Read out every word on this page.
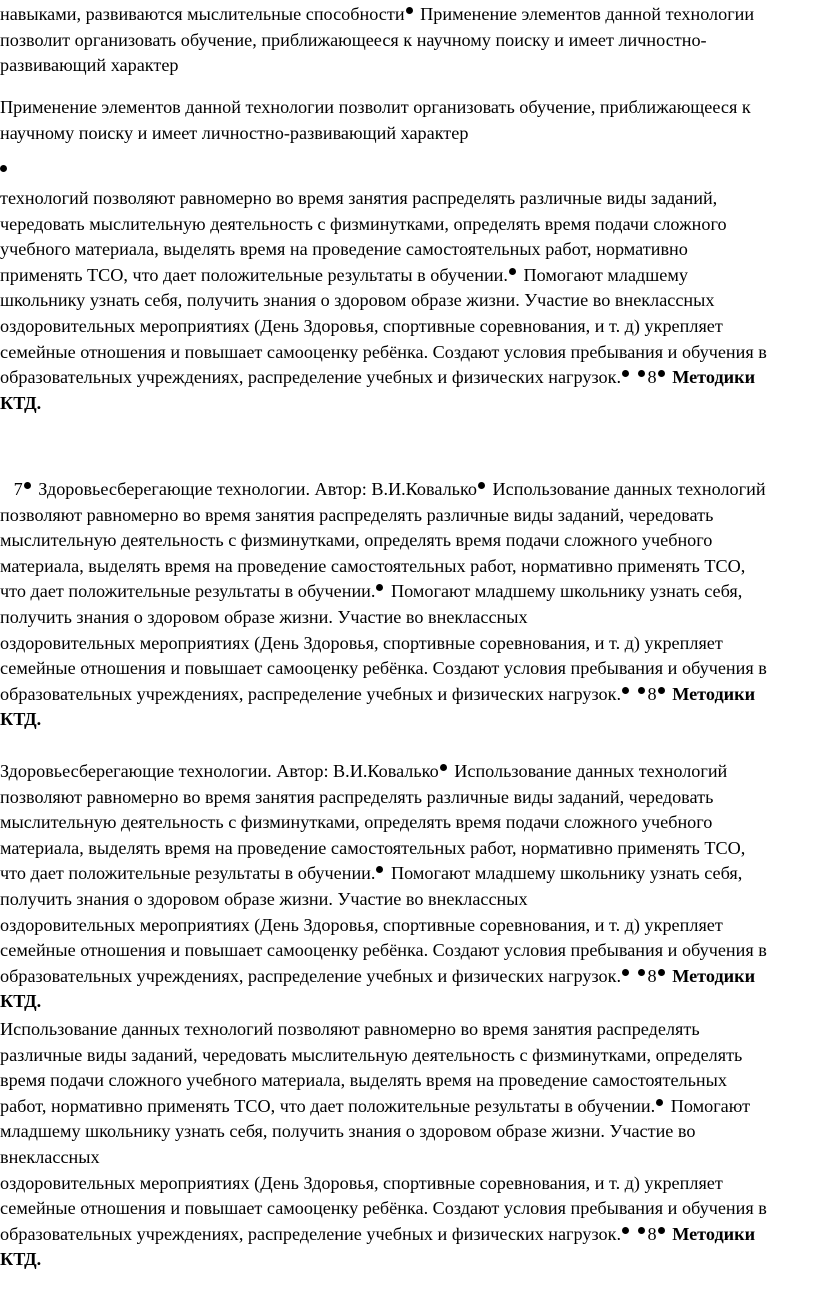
навыками, развиваются мыслительные способности Применение элементов данной технологии
позволит организовать обучение, приближающееся к научному поиску и имеет личностно-
развивающий характер

Применение элементов данной технологии позволит организовать обучение, приближающееся к
научному поиску и имеет личностно-развивающий характер

технологий позволяют равномерно во время занятия распределять различные виды заданий,
чередовать мыслительную деятельность с физминутками, определять время подачи сложного
учебного материала, выделять время на проведение самостоятельных работ, нормативно
применять ТСО, что дает положительные результаты в обучении. Помогают младшему
школьнику узнать себя, получить знания о здоровом образе жизни. Участие во внеклассных
оздоровительных мероприятиях (День Здоровья, спортивные соревнования, и т. д) укрепляет
семейные отношения и повышает самооценку ребёнка. Создают условия пребывания и обучения в
образовательных учреждениях, распределение учебных и физических нагрузок. 8 Методики
КТД.

7 Здоровьесберегающие технологии. Автор: В.И.Ковалько Использование данных технологий
позволяют равномерно во время занятия распределять различные виды заданий, чередовать
мыслительную деятельность с физминутками, определять время подачи сложного учебного
материала, выделять время на проведение самостоятельных работ, нормативно применять ТСО,
что дает положительные результаты в обучении. Помогают младшему школьнику узнать себя,
получить знания о здоровом образе жизни. Участие во внеклассных
оздоровительных мероприятиях (День Здоровья, спортивные соревнования, и т. д) укрепляет
семейные отношения и повышает самооценку ребёнка. Создают условия пребывания и обучения в
образовательных учреждениях, распределение учебных и физических нагрузок. 8 Методики
КТД.

Здоровьесберегающие технологии. Автор: В.И.Ковалько Использование данных технологий
позволяют равномерно во время занятия распределять различные виды заданий, чередовать
мыслительную деятельность с физминутками, определять время подачи сложного учебного
материала, выделять время на проведение самостоятельных работ, нормативно применять ТСО,
что дает положительные результаты в обучении. Помогают младшему школьнику узнать себя,
получить знания о здоровом образе жизни. Участие во внеклассных
оздоровительных мероприятиях (День Здоровья, спортивные соревнования, и т. д) укрепляет
семейные отношения и повышает самооценку ребёнка. Создают условия пребывания и обучения в
образовательных учреждениях, распределение учебных и физических нагрузок. 8 Методики
КТД.

Использование данных технологий позволяют равномерно во время занятия распределять
различные виды заданий, чередовать мыслительную деятельность с физминутками, определять
время подачи сложного учебного материала, выделять время на проведение самостоятельных
работ, нормативно применять ТСО, что дает положительные результаты в обучении. Помогают
младшему школьнику узнать себя, получить знания о здоровом образе жизни. Участие во
внеклассных
оздоровительных мероприятиях (День Здоровья, спортивные соревнования, и т. д) укрепляет
семейные отношения и повышает самооценку ребёнка. Создают условия пребывания и обучения в
образовательных учреждениях, распределение учебных и физических нагрузок. 8 Методики
КТД.
